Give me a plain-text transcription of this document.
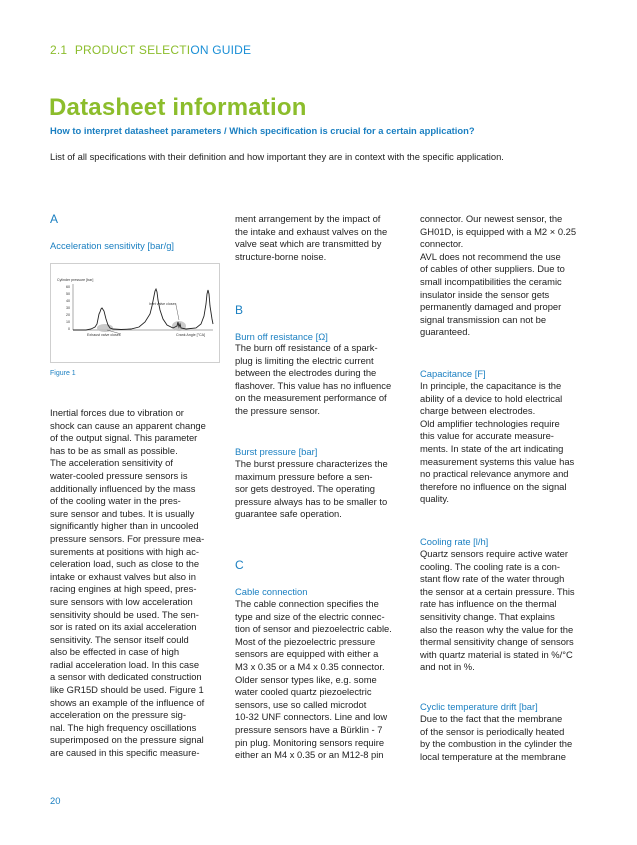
2.1 PRODUCT SELECTION GUIDE
Datasheet information
How to interpret datasheet parameters / Which specification is crucial for a certain application?
List of all specifications with their definition and how important they are in context with the specific application.
A
Acceleration sensitivity [bar/g]
Cylinder pressure [bar]
60
50
40
30
20
10
0
Inlet valve closes
Exhaust valve closes	Crank Angle [°CA]
Figure 1
Inertial forces due to vibration or
shock can cause an apparent change
of the output signal. This parameter
has to be as small as possible.
The acceleration sensitivity of
water-cooled pressure sensors is
additionally influenced by the mass
of the cooling water in the pres-
sure sensor and tubes. It is usually
significantly higher than in uncooled
pressure sensors. For pressure mea-
surements at positions with high ac-
celeration load, such as close to the
intake or exhaust valves but also in
racing engines at high speed, pres-
sure sensors with low acceleration
sensitivity should be used. The sen-
sor is rated on its axial acceleration
sensitivity. The sensor itself could
also be effected in case of high
radial acceleration load. In this case
a sensor with dedicated construction
like GR15D should be used. Figure 1
shows an example of the influence of
acceleration on the pressure sig-
nal. The high frequency oscillations
superimposed on the pressure signal
are caused in this specific measure-
ment arrangement by the impact of
the intake and exhaust valves on the
valve seat which are transmitted by
structure-borne noise.
B
Burn off resistance [Ω]
The burn off resistance of a spark-
plug is limiting the electric current
between the electrodes during the
flashover. This value has no influence
on the measurement performance of
the pressure sensor.
Burst pressure [bar]
The burst pressure characterizes the
maximum pressure before a sen-
sor gets destroyed. The operating
pressure always has to be smaller to
guarantee safe operation.
C
Cable connection
The cable connection specifies the
type and size of the electric connec-
tion of sensor and piezoelectric cable.
Most of the piezoelectric pressure
sensors are equipped with either a
M3 x 0.35 or a M4 x 0.35 connector.
Older sensor types like, e.g. some
water cooled quartz piezoelectric
sensors, use so called microdot
10-32 UNF connectors. Line and low
pressure sensors have a Bürklin - 7
pin plug. Monitoring sensors require
either an M4 x 0.35 or an M12-8 pin
connector. Our newest sensor, the
GH01D, is equipped with a M2 × 0.25
connector.
AVL does not recommend the use
of cables of other suppliers. Due to
small incompatibilities the ceramic
insulator inside the sensor gets
permanently damaged and proper
signal transmission can not be
guaranteed.
Capacitance [F]
In principle, the capacitance is the
ability of a device to hold electrical
charge between electrodes.
Old amplifier technologies require
this value for accurate measure-
ments. In state of the art indicating
measurement systems this value has
no practical relevance anymore and
therefore no influence on the signal
quality.
Cooling rate [l/h]
Quartz sensors require active water
cooling. The cooling rate is a con-
stant flow rate of the water through
the sensor at a certain pressure. This
rate has influence on the thermal
sensitivity change. That explains
also the reason why the value for the
thermal sensitivity change of sensors
with quartz material is stated in %/°C
and not in %.
Cyclic temperature drift [bar]
Due to the fact that the membrane
of the sensor is periodically heated
by the combustion in the cylinder the
local temperature at the membrane
20
